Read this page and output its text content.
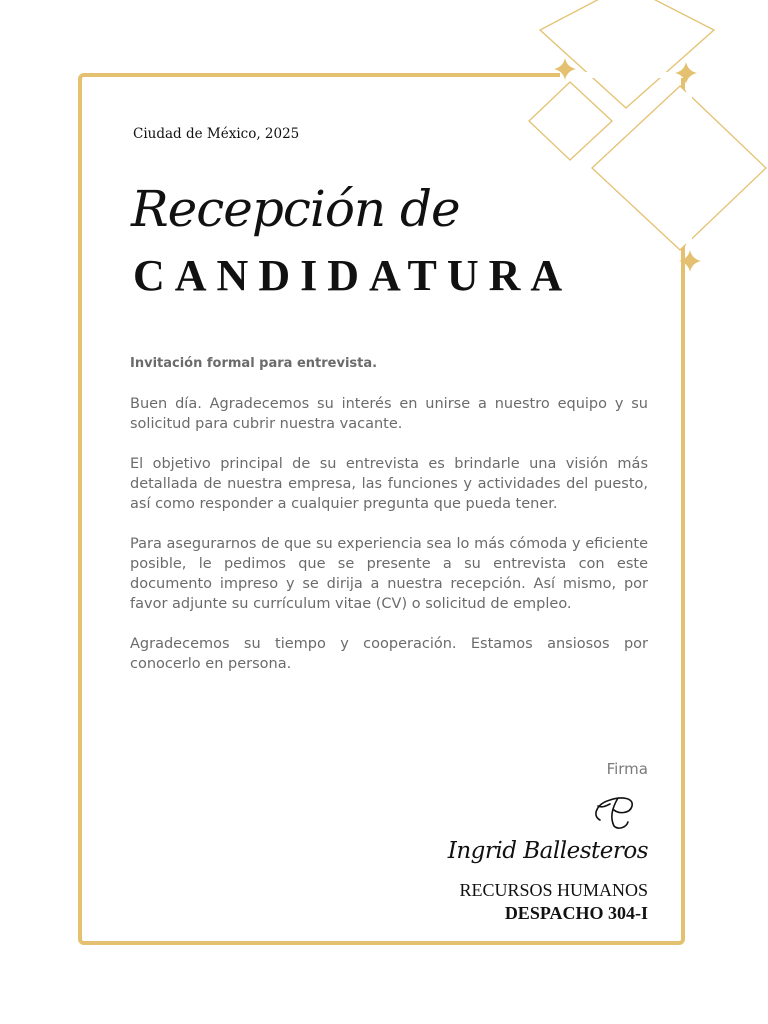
Ciudad de México, 2025
Recepción de
CANDIDATURA

Invitación formal para entrevista.

Buen día. Agradecemos su interés en unirse a nuestro equipo y su solicitud para cubrir nuestra vacante.

El objetivo principal de su entrevista es brindarle una visión más detallada de nuestra empresa, las funciones y actividades del puesto, así como responder a cualquier pregunta que pueda tener.

Para asegurarnos de que su experiencia sea lo más cómoda y eficiente posible, le pedimos que se presente a su entrevista con este documento impreso y se dirija a nuestra recepción. Así mismo, por favor adjunte su currículum vitae (CV) o solicitud de empleo.

Agradecemos su tiempo y cooperación. Estamos ansiosos por conocerlo en persona.

Firma
Ingrid Ballesteros
RECURSOS HUMANOS
DESPACHO 304-I
